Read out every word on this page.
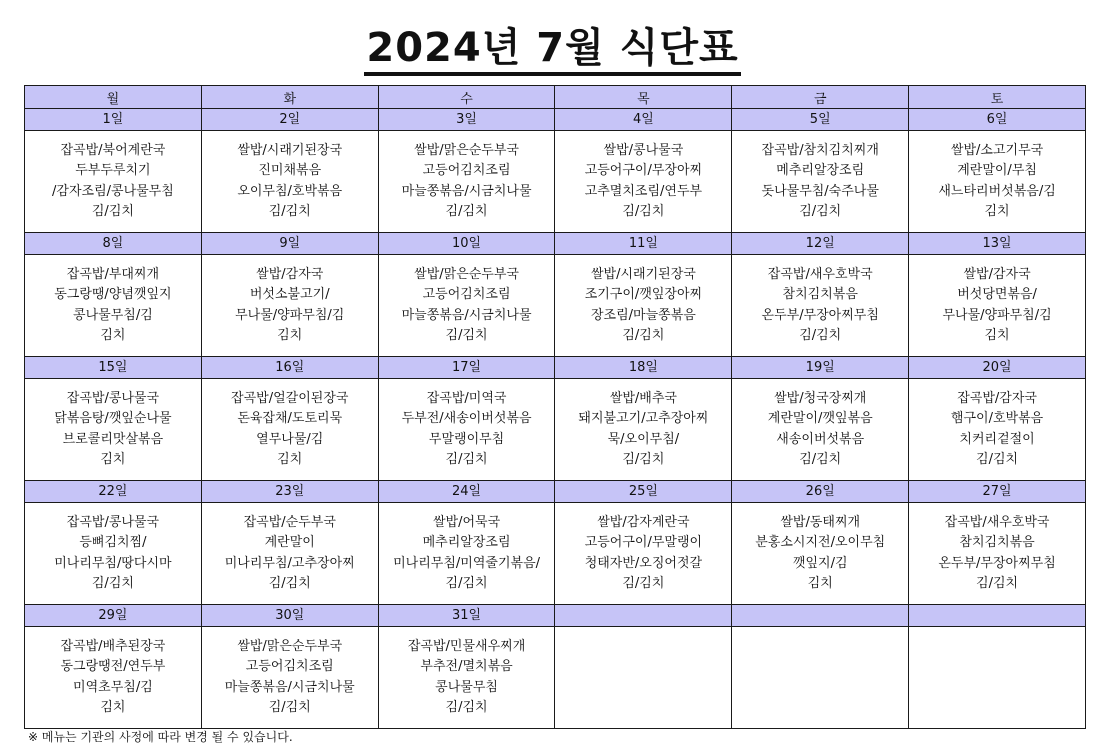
2024년 7월 식단표
월	화	수	목	금	토
1일	2일	3일	4일	5일	6일

잡곡밥/북어계란국
두부두루치기
/감자조림/콩나물무침
김/김치	쌀밥/시래기된장국
진미채볶음
오이무침/호박볶음
김/김치	쌀밥/맑은순두부국
고등어김치조림
마늘쫑볶음/시금치나물
김/김치	쌀밥/콩나물국
고등어구이/무장아찌
고추멸치조림/연두부
김/김치	잡곡밥/참치김치찌개
메추리알장조림
돗나물무침/숙주나물
김/김치	쌀밥/소고기무국
계란말이/무침
새느타리버섯볶음/김
김치

8일	9일	10일	11일	12일	13일

잡곡밥/부대찌개
동그랑땡/양념깻잎지
콩나물무침/김
김치	쌀밥/감자국
버섯소불고기/
무나물/양파무침/김
김치	쌀밥/맑은순두부국
고등어김치조림
마늘쫑볶음/시금치나물
김/김치	쌀밥/시래기된장국
조기구이/깻잎장아찌
장조림/마늘쫑볶음
김/김치	잡곡밥/새우호박국
참치김치볶음
온두부/무장아찌무침
김/김치	쌀밥/감자국
버섯당면볶음/
무나물/양파무침/김
김치

15일	16일	17일	18일	19일	20일

잡곡밥/콩나물국
닭볶음탕/깻잎순나물
브로콜리맛살볶음
김치	잡곡밥/얼갈이된장국
돈육잡채/도토리묵
열무나물/김
김치	잡곡밥/미역국
두부전/새송이버섯볶음
무말랭이무침
김/김치	쌀밥/배추국
돼지불고기/고추장아찌
묵/오이무침/
김/김치	쌀밥/청국장찌개
계란말이/깻잎볶음
새송이버섯볶음
김/김치	잡곡밥/감자국
햄구이/호박볶음
치커리겉절이
김/김치

22일	23일	24일	25일	26일	27일

잡곡밥/콩나물국
등뼈김치찜/
미나리무침/땅다시마
김/김치	잡곡밥/순두부국
계란말이
미나리무침/고추장아찌
김/김치	쌀밥/어묵국
메추리알장조림
미나리무침/미역줄기볶음/
김/김치	쌀밥/감자계란국
고등어구이/무말랭이
청태자반/오징어젓갈
김/김치	쌀밥/동태찌개
분홍소시지전/오이무침
깻잎지/김
김치	잡곡밥/새우호박국
참치김치볶음
온두부/무장아찌무침
김/김치

29일	30일	31일			

잡곡밥/배추된장국
동그랑땡전/연두부
미역초무침/김
김치	쌀밥/맑은순두부국
고등어김치조림
마늘쫑볶음/시금치나물
김/김치	잡곡밥/민물새우찌개
부추전/멸치볶음
콩나물무침
김/김치			

※ 메뉴는 기관의 사정에 따라 변경 될 수 있습니다.
